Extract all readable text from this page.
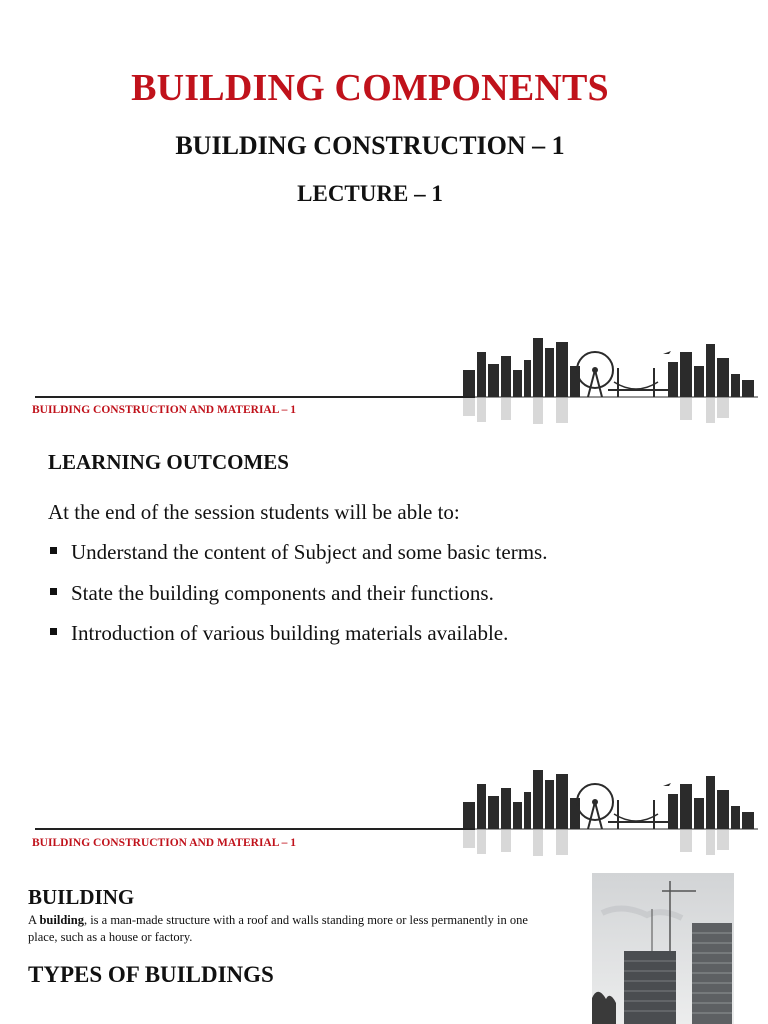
BUILDING COMPONENTS
BUILDING CONSTRUCTION – 1
LECTURE – 1
BUILDING CONSTRUCTION AND MATERIAL – 1
LEARNING OUTCOMES
At the end of the session students will be able to:
Understand the content of Subject and some basic terms.
State the building components and their functions.
Introduction of various building materials available.
BUILDING CONSTRUCTION AND MATERIAL – 1
BUILDING
A building, is a man-made structure with a roof and walls standing more or less permanently in one place, such as a house or factory.
TYPES OF BUILDINGS
